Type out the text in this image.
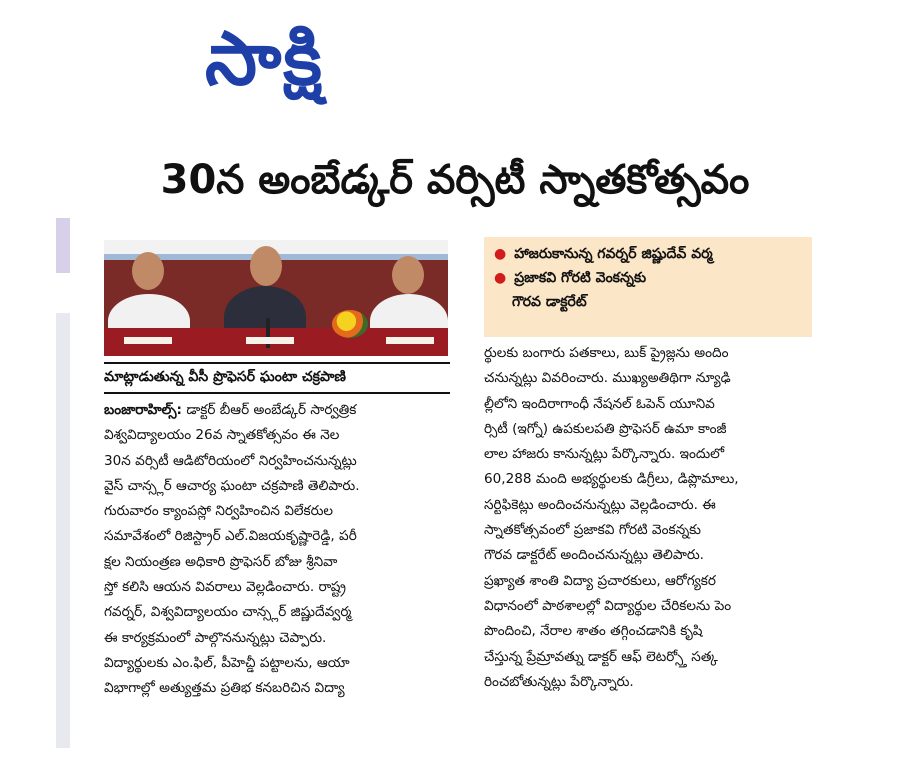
సాక్షి
30న అంబేడ్కర్ వర్సిటీ స్నాతకోత్సవం
మాట్లాడుతున్న వీసీ ప్రొఫెసర్ ఘంటా చక్రపాణి
● హాజరుకానున్న గవర్నర్ జిష్ణుదేవ్ వర్మ
● ప్రజాకవి గోరటి వెంకన్నకు
గౌరవ డాక్టరేట్
బంజారాహిల్స్: డాక్టర్ బీఆర్ అంబేడ్కర్ సార్వత్రిక
విశ్వవిద్యాలయం 26వ స్నాతకోత్సవం ఈ నెల
30న వర్సిటీ ఆడిటోరియంలో నిర్వహించనున్నట్లు
వైస్ చాన్స్లర్ ఆచార్య ఘంటా చక్రపాణి తెలిపారు.
గురువారం క్యాంపస్లో నిర్వహించిన విలేకరుల
సమావేశంలో రిజిస్ట్రార్ ఎల్.విజయకృష్ణారెడ్డి, పరీ
క్షల నియంత్రణ అధికారి ప్రొఫెసర్ బోజు శ్రీనివా
స్తో కలిసి ఆయన వివరాలు వెల్లడించారు. రాష్ట్ర
గవర్నర్, విశ్వవిద్యాలయం చాన్స్లర్ జిష్ణుదేవ్వర్మ
ఈ కార్యక్రమంలో పాల్గొననున్నట్లు చెప్పారు.
విద్యార్థులకు ఎం.ఫిల్, పీహెచ్డీ పట్టాలను, ఆయా
విభాగాల్లో అత్యుత్తమ ప్రతిభ కనబరిచిన విద్యా
ర్థులకు బంగారు పతకాలు, బుక్ ప్రైజ్లను అందిం
చనున్నట్లు వివరించారు. ముఖ్యఅతిథిగా న్యూఢి
ల్లీలోని ఇందిరాగాంధీ నేషనల్ ఓపెన్ యూనివ
ర్సిటీ (ఇగ్నో) ఉపకులపతి ప్రొఫెసర్ ఉమా కాంజీ
లాల హాజరు కానున్నట్లు పేర్కొన్నారు. ఇందులో
60,288 మంది అభ్యర్థులకు డిగ్రీలు, డిప్లొమాలు,
సర్టిఫికెట్లు అందించనున్నట్లు వెల్లడించారు. ఈ
స్నాతకోత్సవంలో ప్రజాకవి గోరటి వెంకన్నకు
గౌరవ డాక్టరేట్ అందించనున్నట్లు తెలిపారు.
ప్రఖ్యాత శాంతి విద్యా ప్రచారకులు, ఆరోగ్యకర
విధానంలో పాఠశాలల్లో విద్యార్థుల చేరికలను పెం
పొందించి, నేరాల శాతం తగ్గించడానికి కృషి
చేస్తున్న ప్రేమ్రావత్ను డాక్టర్ ఆఫ్ లెటర్స్తో సత్క
రించబోతున్నట్లు పేర్కొన్నారు.
